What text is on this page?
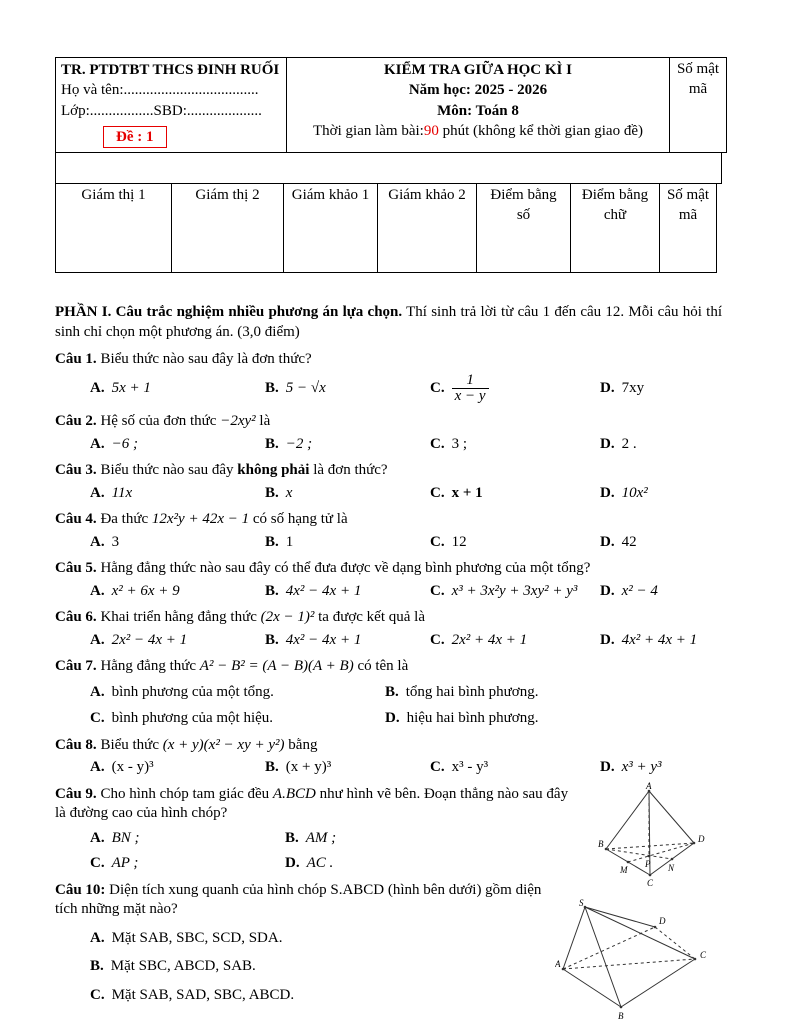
TR. PTDTBT THCS ĐINH RUỐI
Họ và tên:....................................
Lớp:.................SBD:....................
Đề : 1	
KIỂM TRA GIỮA HỌC KÌ I
Năm học: 2025 - 2026
Môn: Toán 8
Thời gian làm bài:90 phút (không kể thời gian giao đề)
	Số mật mã
Giám thị 1	Giám thị 2	Giám khảo 1	Giám khảo 2	Điểm bằng số	Điểm bằng chữ	Số mật mã

PHẦN I. Câu trắc nghiệm nhiều phương án lựa chọn. Thí sinh trả lời từ câu 1 đến câu 12. Mỗi câu hỏi thí sinh chỉ chọn một phương án. (3,0 điểm)

Câu 1. Biểu thức nào sau đây là đơn thức?

A. 5x + 1	B. 5 − √x	C. $\frac{1}{x - y}$	D. 7xy

Câu 2. Hệ số của đơn thức −2xy² là

A. −6 ;	B. −2 ;	C. 3 ;	D. 2 .

Câu 3. Biểu thức nào sau đây không phải là đơn thức?

A. 11x	B. x	C. x + 1	D. 10x²

Câu 4. Đa thức 12x²y + 42x − 1 có số hạng tử là

A. 3	B. 1	C. 12	D. 42

Câu 5. Hằng đẳng thức nào sau đây có thể đưa được về dạng bình phương của một tổng?

A. x² + 6x + 9	B. 4x² − 4x + 1	C. x³ + 3x²y + 3xy² + y³	D. x² − 4

Câu 6. Khai triển hằng đẳng thức (2x − 1)² ta được kết quả là

A. 2x² − 4x + 1	B. 4x² − 4x + 1	C. 2x² + 4x + 1	D. 4x² + 4x + 1

Câu 7. Hằng đẳng thức A² − B² = (A − B)(A + B) có tên là

A. bình phương của một tổng.	B. tổng hai bình phương.
C. bình phương của một hiệu.	D. hiệu hai bình phương.

Câu 8. Biểu thức (x + y)(x² − xy + y²) bằng

A. (x - y)³	B. (x + y)³	C. x³ - y³	D. x³ + y³

Câu 9. Cho hình chóp tam giác đều A.BCD như hình vẽ bên. Đoạn thẳng nào sau đây là đường cao của hình chóp?

A. BN ;	B. AM ;
C. AP ;	D. AC .
A
B	D
M
P N
C

Câu 10: Diện tích xung quanh của hình chóp S.ABCD (hình bên dưới) gồm diện tích những mặt nào?

A. Mặt SAB, SBC, SCD, SDA.
B. Mặt SBC, ABCD, SAB.
C. Mặt SAB, SAD, SBC, ABCD.
S
A
B
C
D
